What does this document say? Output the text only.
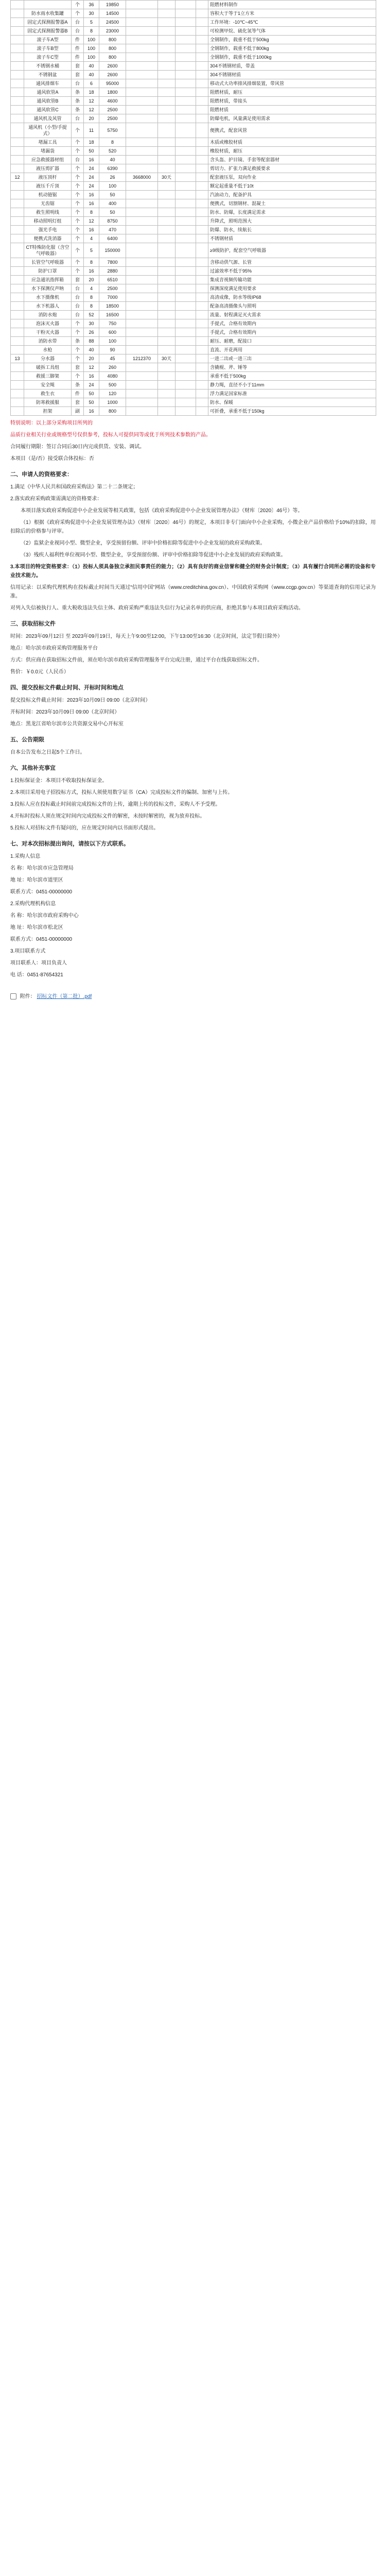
		个	36	19850					阻燃材料制作
	防水雨水收集罐	个	30	14500					容积大于等于1立方米
	固定式探测报警器A	台	5	24500					工作环境：-10℃~45℃
	固定式探测报警器B	台	8	23000					可检测甲烷、硫化氢等气体
	滚子车A型	件	100	800					全钢制作，载重不低于500kg
	滚子车B型	件	100	800					全钢制作，载重不低于800kg
	滚子车C型	件	100	800					全钢制作，载重不低于1000kg
	不锈钢水桶	套	40	2600					304不锈钢材质，带盖
	不锈钢盆	套	40	2600					304不锈钢材质
	通风排烟车	台	6	95000					移动式大功率排风排烟装置，带风管
	通风软管A	条	18	1800					阻燃材质，耐压
	通风软管B	条	12	4600					阻燃材质，带接头
	通风软管C	条	12	2500					阻燃材质
	通风机及风管	台	20	2500					防爆电机，风量满足使用需求
	通风机（小型/手提式）	个	11	5750					便携式，配套风管
	堵漏工具	个	18	8					木质或橡胶材质
	堵漏袋	个	50	520					橡胶材质，耐压
	应急救援器材组	台	16	40					含头盔、护目镜、手套等配套器材
	液压剪扩器	个	24	6390					剪切力、扩张力满足救援要求
12	液压顶杆	个	24	26	3668000	30天			配套液压泵，双向作业
	液压千斤顶	个	24	100					额定起重量不低于10t
	机动链锯	个	16	50					汽油动力，配备护具
	无齿锯	个	16	400					便携式，切割钢材、混凝土
	救生照明线	个	8	50					防水、防爆，长度满足需求
	移动照明灯组	个	12	8750					升降式，照明范围大
	强光手电	个	16	470					防爆、防水，续航长
	便携式洗消器	个	4	6400					不锈钢材质
	CT特殊防化服（含空气呼吸器）	个	5	150000					≥9级防护，配套空气呼吸器
	长管空气呼吸器	个	8	7800					含移动供气源、长管
	防护口罩	个	16	2880					过滤效率不低于95%
	应急通讯指挥箱	套	20	6510					集成音视频传输功能
	水下探测仪声呐	台	4	2500					探测深度满足使用要求
	水下摄像机	台	8	7000					高清成像，防水等级IP68
	水下机器人	台	8	18500					配备高清摄像头与照明
	消防水炮	台	52	16500					流量、射程满足灭火需求
	泡沫灭火器	个	30	750					手提式，合格有效期内
	干粉灭火器	个	26	600					手提式，合格有效期内
	消防水带	条	88	100					耐压、耐磨，配接口
	水枪	个	40	90					直流、开花两用
13	分水器	个	20	45	1212370	30天			一进二出或一进三出
	破拆工具组	套	12	260					含撬棍、斧、锤等
	救援三脚架	个	16	4080					承重不低于500kg
	安全绳	条	24	500					静力绳，直径不小于11mm
	救生衣	件	50	120					浮力满足国家标准
	防寒救援服	套	50	1000					防水、保暖
	担架	副	16	800					可折叠，承重不低于150kg
特别说明：以上部分采购项目所列的
品质行业相关行业或规格型号仅供参考，投标人可提供同等或优于所列技术参数的产品。
合同履行期限：签订合同后30日内完成供货、安装、调试。
本项目（是/否）接受联合体投标：否
二、申请人的资格要求：
1.满足《中华人民共和国政府采购法》第二十二条规定；
2.落实政府采购政策需满足的资格要求：
本项目落实政府采购促进中小企业发展等相关政策，包括《政府采购促进中小企业发展管理办法》（财库〔2020〕46号）等。
（1）根据《政府采购促进中小企业发展管理办法》（财库〔2020〕46号）的规定，本项目非专门面向中小企业采购，小微企业产品价格给予10%的扣除，用扣除后的价格参与评审。
（2）监狱企业视同小型、微型企业，享受预留份额、评审中价格扣除等促进中小企业发展的政府采购政策。
（3）残疾人福利性单位视同小型、微型企业，享受预留份额、评审中价格扣除等促进中小企业发展的政府采购政策。
3.本项目的特定资格要求：（1）投标人须具备独立承担民事责任的能力；（2）具有良好的商业信誉和健全的财务会计制度；（3）具有履行合同所必需的设备和专业技术能力。
信用记录：以采购代理机构在投标截止时间当天通过“信用中国”网站（www.creditchina.gov.cn）、中国政府采购网（www.ccgp.gov.cn）等渠道查询的信用记录为准。
对列入失信被执行人、重大税收违法失信主体、政府采购严重违法失信行为记录名单的供应商，拒绝其参与本项目政府采购活动。
三、获取招标文件
时间：2023年09月12日 至 2023年09月19日，每天上午9:00至12:00，下午13:00至16:30（北京时间，法定节假日除外）
地点：哈尔滨市政府采购管理服务平台
方式：供应商在获取招标文件前，须在哈尔滨市政府采购管理服务平台完成注册，通过平台在线获取招标文件。
售价：￥0.0元（人民币）
四、提交投标文件截止时间、开标时间和地点
提交投标文件截止时间：2023年10月09日 09:00（北京时间）
开标时间：2023年10月09日 09:00（北京时间）
地点：黑龙江省哈尔滨市公共资源交易中心开标室
五、公告期限
自本公告发布之日起5个工作日。
六、其他补充事宜
1.投标保证金：本项目不收取投标保证金。
2.本项目采用电子招投标方式，投标人须使用数字证书（CA）完成投标文件的编制、加密与上传。
3.投标人应在投标截止时间前完成投标文件的上传，逾期上传的投标文件，采购人不予受理。
4.开标时投标人须在规定时间内完成投标文件的解密，未按时解密的，视为放弃投标。
5.投标人对招标文件有疑问的，应在规定时间内以书面形式提出。
七、对本次招标提出询问，请按以下方式联系。
1.采购人信息
名 称：哈尔滨市应急管理局
地 址：哈尔滨市道里区
联系方式：0451-00000000
2.采购代理机构信息
名 称：哈尔滨市政府采购中心
地 址：哈尔滨市松北区
联系方式：0451-00000000
3.项目联系方式
项目联系人：项目负责人
电 话：0451-87654321
附件： 招标文件（第二批）.pdf
